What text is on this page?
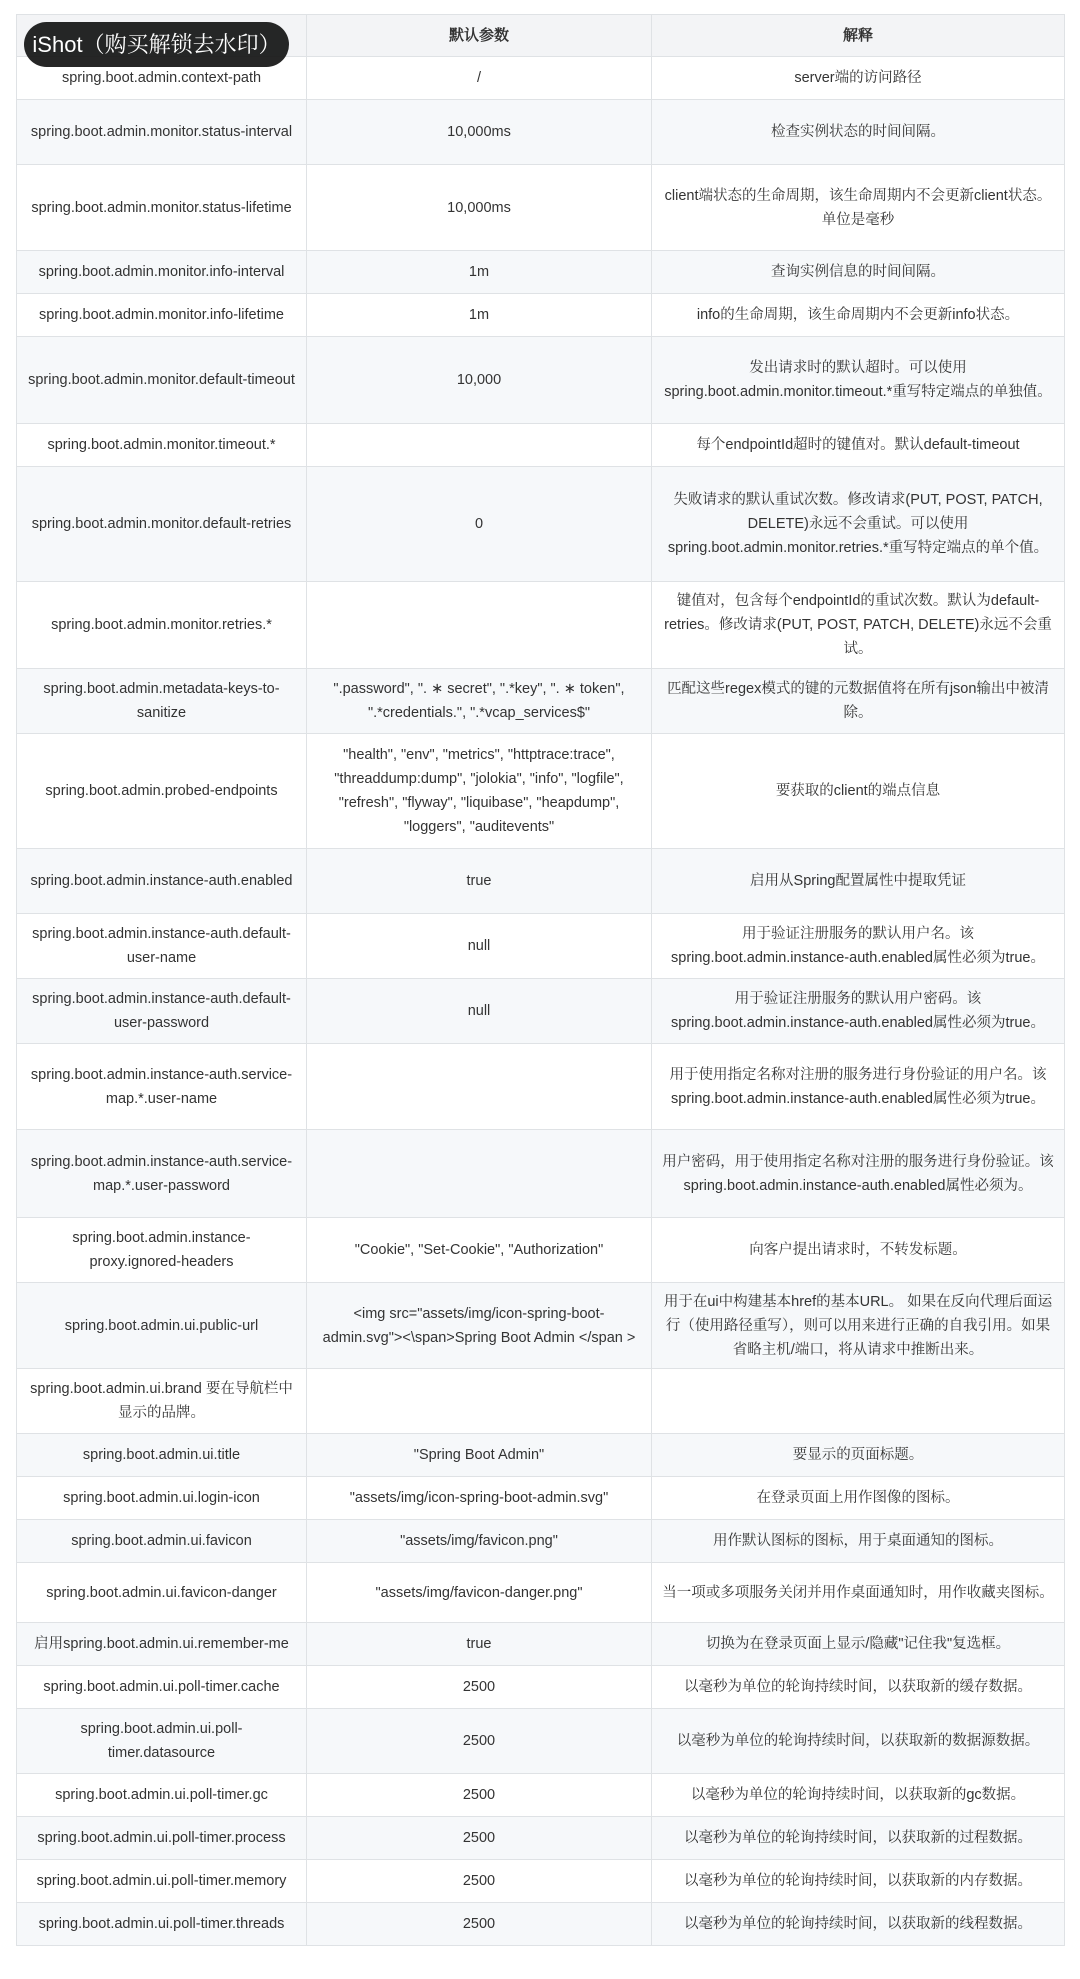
iShot（购买解锁去水印）
		默认参数	解释
spring.boot.admin.context-path	/	server端的访问路径
spring.boot.admin.monitor.status-interval	10,000ms	检查实例状态的时间间隔。
spring.boot.admin.monitor.status-lifetime	10,000ms	client端状态的生命周期，该生命周期内不会更新client状态。单位是毫秒
spring.boot.admin.monitor.info-interval	1m	查询实例信息的时间间隔。
spring.boot.admin.monitor.info-lifetime	1m	info的生命周期，该生命周期内不会更新info状态。
spring.boot.admin.monitor.default-timeout	10,000	发出请求时的默认超时。可以使用spring.boot.admin.monitor.timeout.*重写特定端点的单独值。
spring.boot.admin.monitor.timeout.*		每个endpointId超时的键值对。默认default-timeout
spring.boot.admin.monitor.default-retries	0	失败请求的默认重试次数。修改请求(PUT, POST, PATCH, DELETE)永远不会重试。可以使用spring.boot.admin.monitor.retries.*重写特定端点的单个值。
spring.boot.admin.monitor.retries.*		键值对，包含每个endpointId的重试次数。默认为default-retries。修改请求(PUT, POST, PATCH, DELETE)永远不会重试。
spring.boot.admin.metadata-keys-to-sanitize	".password", ". ∗ secret", ".*key", ". ∗ token", ".*credentials.", ".*vcap_services$"	匹配这些regex模式的键的元数据值将在所有json输出中被清除。
spring.boot.admin.probed-endpoints	"health", "env", "metrics", "httptrace:trace", "threaddump:dump", "jolokia", "info", "logfile", "refresh", "flyway", "liquibase", "heapdump", "loggers", "auditevents"	要获取的client的端点信息
spring.boot.admin.instance-auth.enabled	true	启用从Spring配置属性中提取凭证
spring.boot.admin.instance-auth.default-user-name	null	用于验证注册服务的默认用户名。该spring.boot.admin.instance-auth.enabled属性必须为true。
spring.boot.admin.instance-auth.default-user-password	null	用于验证注册服务的默认用户密码。该spring.boot.admin.instance-auth.enabled属性必须为true。
spring.boot.admin.instance-auth.service-map.*.user-name		用于使用指定名称对注册的服务进行身份验证的用户名。该spring.boot.admin.instance-auth.enabled属性必须为true。
spring.boot.admin.instance-auth.service-map.*.user-password		用户密码，用于使用指定名称对注册的服务进行身份验证。该spring.boot.admin.instance-auth.enabled属性必须为。
spring.boot.admin.instance-proxy.ignored-headers	"Cookie", "Set-Cookie", "Authorization"	向客户提出请求时，不转发标题。
spring.boot.admin.ui.public-url	<img src="assets/img/icon-spring-boot-admin.svg"><\span>Spring Boot Admin </span >	用于在ui中构建基本href的基本URL。 如果在反向代理后面运行（使用路径重写），则可以用来进行正确的自我引用。如果省略主机/端口，将从请求中推断出来。
spring.boot.admin.ui.brand 要在导航栏中显示的品牌。		
spring.boot.admin.ui.title	"Spring Boot Admin"	要显示的页面标题。
spring.boot.admin.ui.login-icon	"assets/img/icon-spring-boot-admin.svg"	在登录页面上用作图像的图标。
spring.boot.admin.ui.favicon	"assets/img/favicon.png"	用作默认图标的图标，用于桌面通知的图标。
spring.boot.admin.ui.favicon-danger	"assets/img/favicon-danger.png"	当一项或多项服务关闭并用作桌面通知时，用作收藏夹图标。
启用spring.boot.admin.ui.remember-me	true	切换为在登录页面上显示/隐藏"记住我"复选框。
spring.boot.admin.ui.poll-timer.cache	2500	以毫秒为单位的轮询持续时间，以获取新的缓存数据。
spring.boot.admin.ui.poll-timer.datasource	2500	以毫秒为单位的轮询持续时间，以获取新的数据源数据。
spring.boot.admin.ui.poll-timer.gc	2500	以毫秒为单位的轮询持续时间，以获取新的gc数据。
spring.boot.admin.ui.poll-timer.process	2500	以毫秒为单位的轮询持续时间，以获取新的过程数据。
spring.boot.admin.ui.poll-timer.memory	2500	以毫秒为单位的轮询持续时间，以获取新的内存数据。
spring.boot.admin.ui.poll-timer.threads	2500	以毫秒为单位的轮询持续时间，以获取新的线程数据。
